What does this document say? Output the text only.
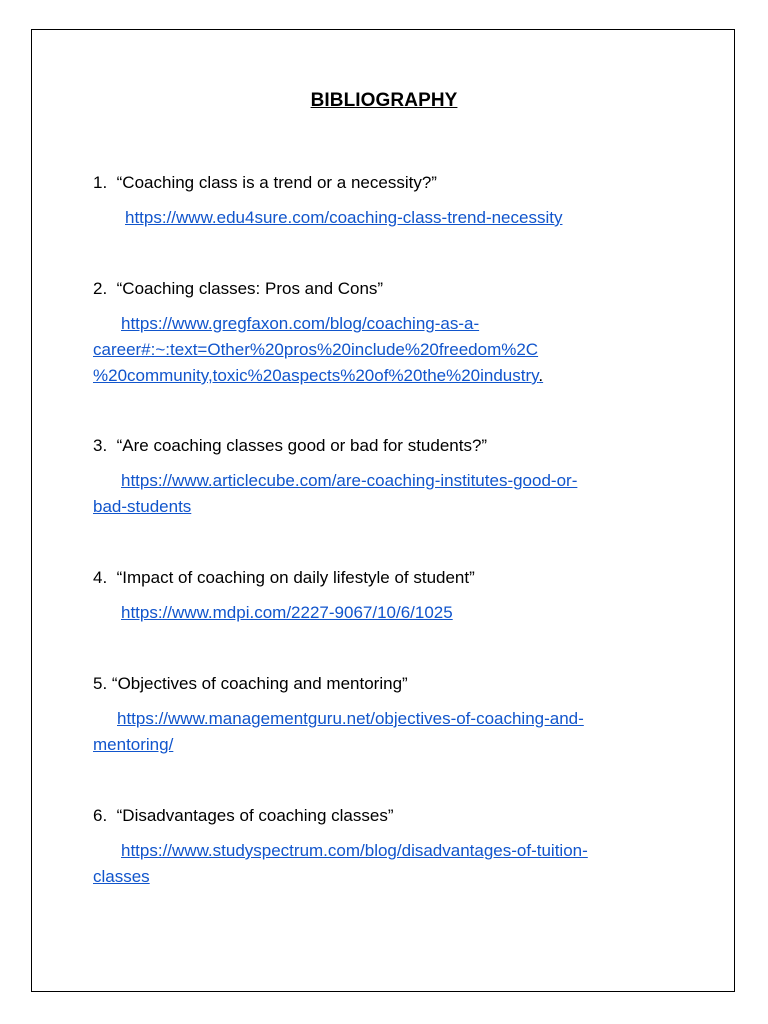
BIBLIOGRAPHY
1. “Coaching class is a trend or a necessity?”
https://www.edu4sure.com/coaching-class-trend-necessity
2. “Coaching classes: Pros and Cons”
https://www.gregfaxon.com/blog/coaching-as-a-
career#:~:text=Other%20pros%20include%20freedom%2C
%20community,toxic%20aspects%20of%20the%20industry.
3. “Are coaching classes good or bad for students?”
https://www.articlecube.com/are-coaching-institutes-good-or-
bad-students
4. “Impact of coaching on daily lifestyle of student”
https://www.mdpi.com/2227-9067/10/6/1025
5. “Objectives of coaching and mentoring”
https://www.managementguru.net/objectives-of-coaching-and-
mentoring/
6. “Disadvantages of coaching classes”
https://www.studyspectrum.com/blog/disadvantages-of-tuition-
classes
